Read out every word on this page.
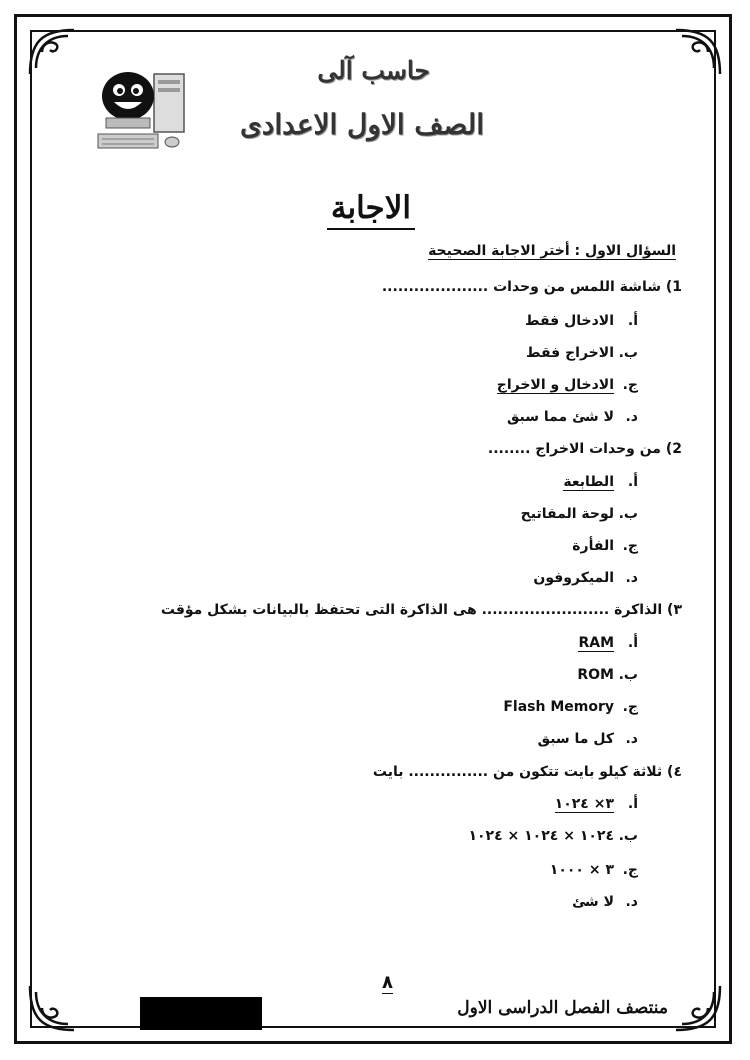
حاسب آلى
الصف الاول الاعدادى
الاجابة
السؤال الاول : أختر الاجابة الصحيحة
1) شاشة اللمس من وحدات ....................
أ.الادخال فقط
ب.الاخراج فقط
ج.الادخال و الاخراج
د.لا شئ مما سبق
2) من وحدات الاخراج ........
أ.الطابعة
ب.لوحة المفاتيح
ج.الفأرة
د.الميكروفون
٣) الذاكرة ........................ هى الذاكرة التى تحتفظ بالبيانات بشكل مؤقت
أ.RAM
ب.ROM
ج.Flash Memory
د.كل ما سبق
٤) ثلاثة كيلو بايت تتكون من ............... بايت
أ.٣× ١٠٢٤
ب.١٠٢٤ × ١٠٢٤ × ١٠٢٤
ج.٣ × ١٠٠٠
د.لا شئ
٨
منتصف الفصل الدراسى الاول
